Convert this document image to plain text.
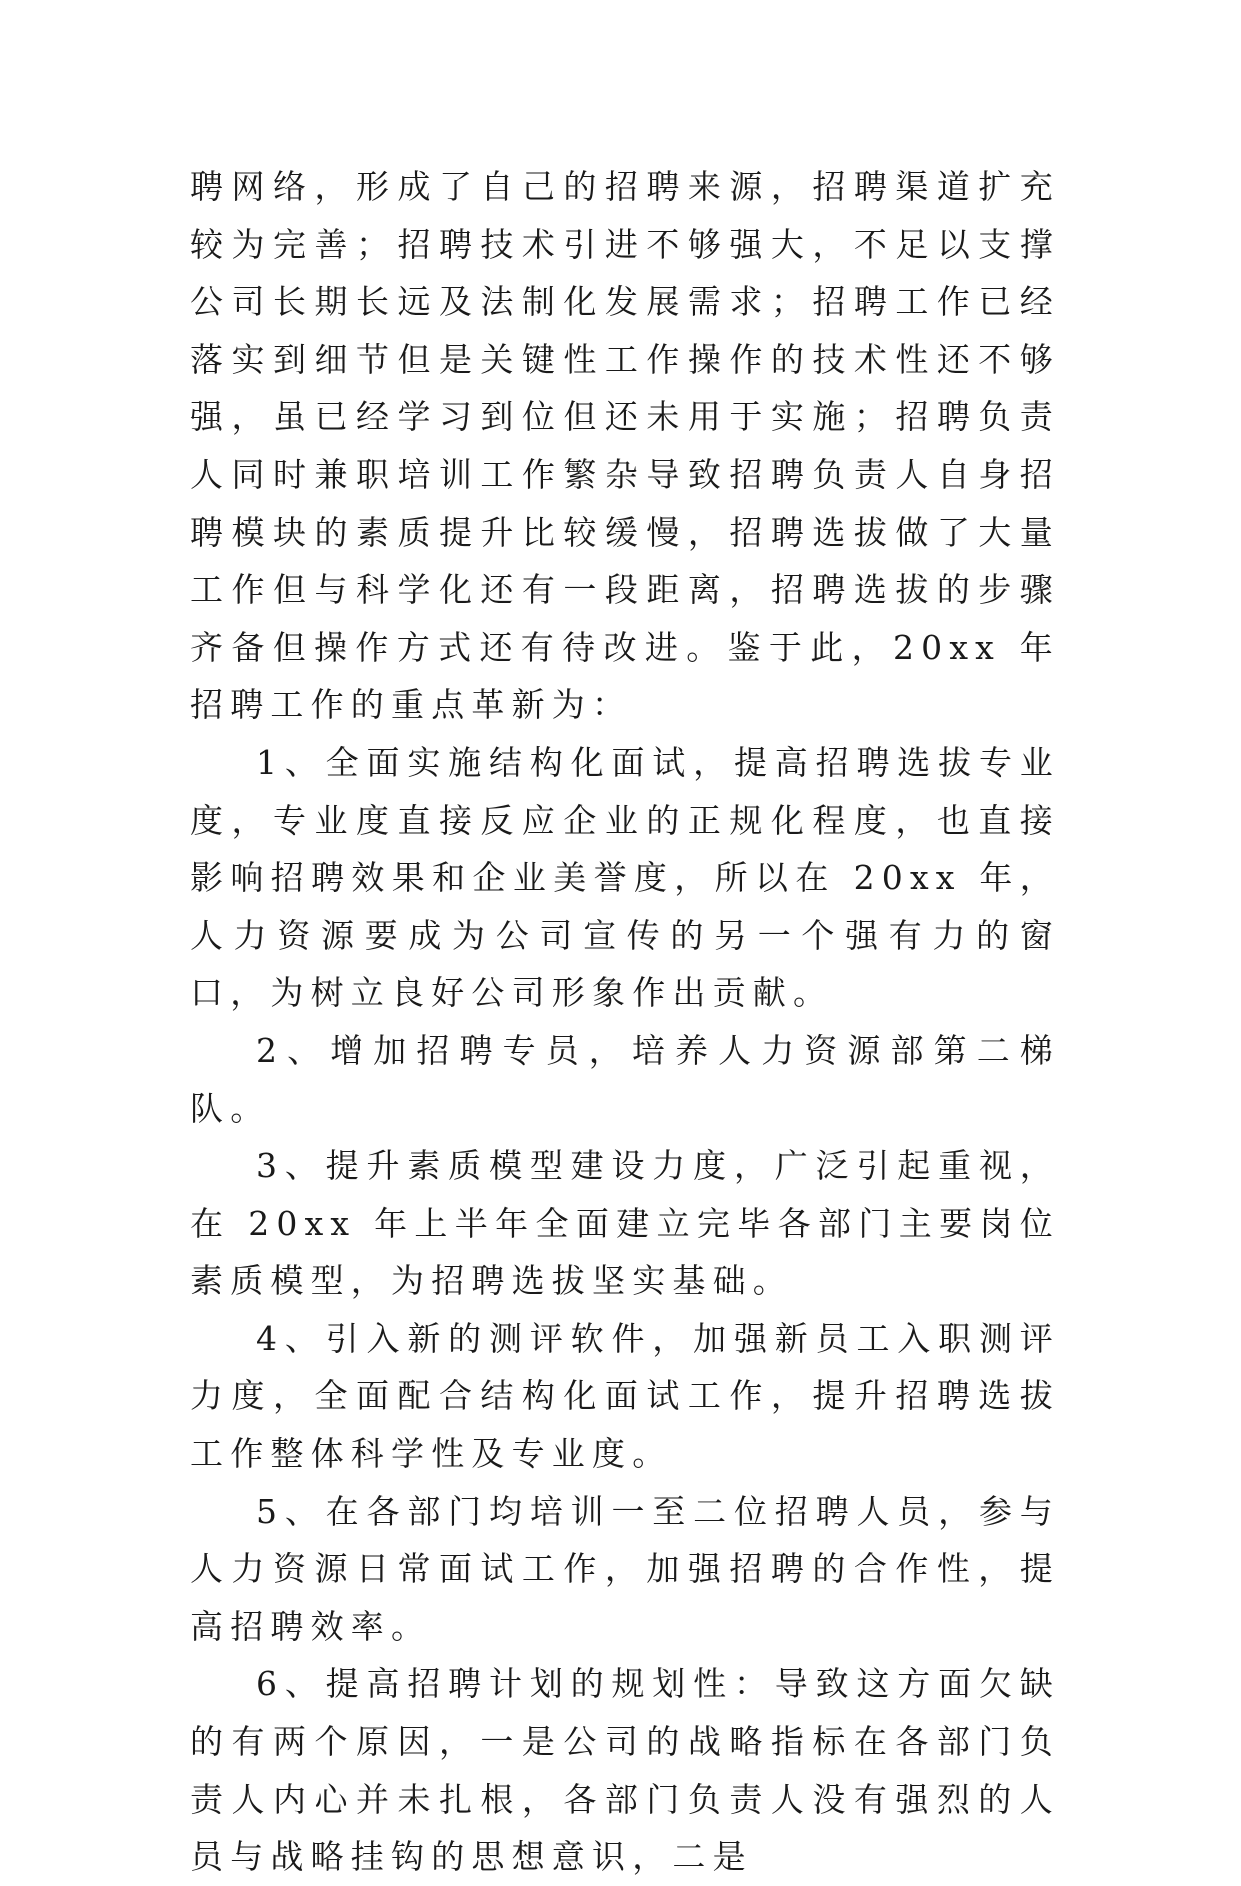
聘网络，形成了自己的招聘来源，招聘渠道扩充较为完善；招聘技术引进不够强大，不足以支撑公司长期长远及法制化发展需求；招聘工作已经落实到细节但是关键性工作操作的技术性还不够强，虽已经学习到位但还未用于实施；招聘负责人同时兼职培训工作繁杂导致招聘负责人自身招聘模块的素质提升比较缓慢，招聘选拔做了大量工作但与科学化还有一段距离，招聘选拔的步骤齐备但操作方式还有待改进。鉴于此，20xx 年招聘工作的重点革新为：

1、全面实施结构化面试，提高招聘选拔专业度，专业度直接反应企业的正规化程度，也直接影响招聘效果和企业美誉度，所以在 20xx 年，人力资源要成为公司宣传的另一个强有力的窗口，为树立良好公司形象作出贡献。

2、增加招聘专员，培养人力资源部第二梯队。

3、提升素质模型建设力度，广泛引起重视，在 20xx 年上半年全面建立完毕各部门主要岗位素质模型，为招聘选拔坚实基础。

4、引入新的测评软件，加强新员工入职测评力度，全面配合结构化面试工作，提升招聘选拔工作整体科学性及专业度。

5、在各部门均培训一至二位招聘人员，参与人力资源日常面试工作，加强招聘的合作性，提高招聘效率。

6、提高招聘计划的规划性：导致这方面欠缺的有两个原因，一是公司的战略指标在各部门负责人内心并未扎根，各部门负责人没有强烈的人员与战略挂钩的思想意识，二是
